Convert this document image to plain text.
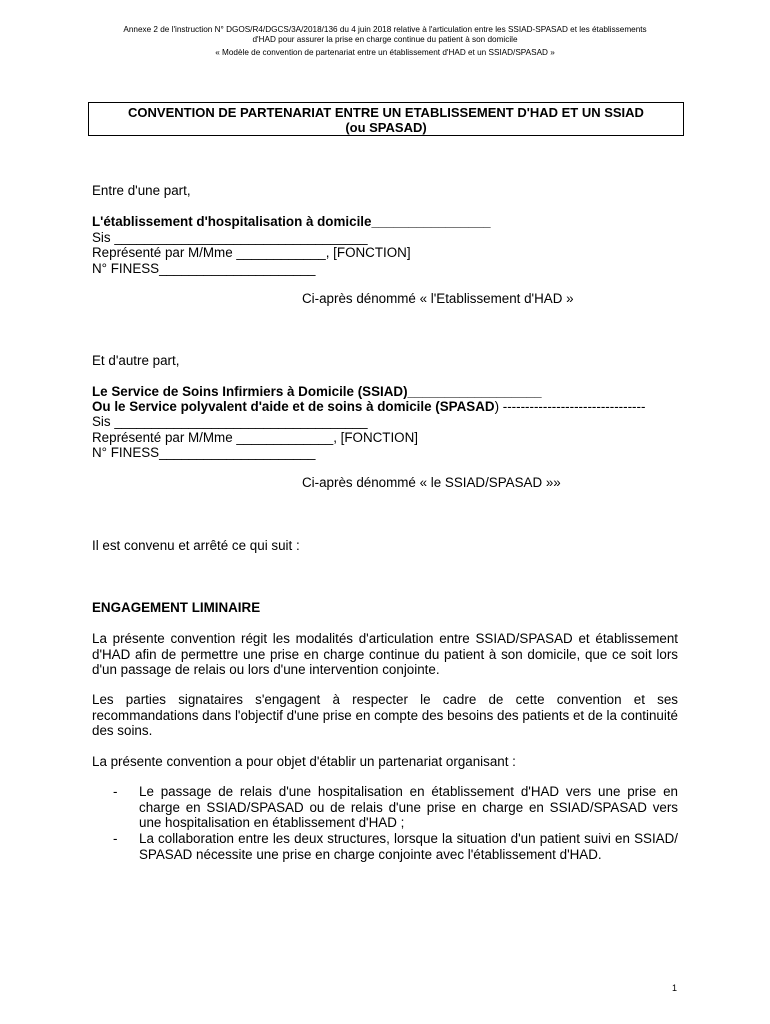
Annexe 2 de l'instruction N° DGOS/R4/DGCS/3A/2018/136 du 4 juin 2018 relative à l'articulation entre les SSIAD-SPASAD et les établissements
d'HAD pour assurer la prise en charge continue du patient à son domicile
« Modèle de convention de partenariat entre un établissement d'HAD et un SSIAD/SPASAD »
CONVENTION DE PARTENARIAT ENTRE UN ETABLISSEMENT D'HAD ET UN SSIAD
(ou SPASAD)
Entre d'une part,
L'établissement d'hospitalisation à domicile________________
Sis __________________________________
Représenté par M/Mme ____________, [FONCTION]
N° FINESS_____________________
Ci-après dénommé « l'Etablissement d'HAD »
Et d'autre part,
Le Service de Soins Infirmiers à Domicile (SSIAD)__________________
Ou le Service polyvalent d'aide et de soins à domicile (SPASAD) --------------------------------
Sis __________________________________
Représenté par M/Mme _____________, [FONCTION]
N° FINESS_____________________
Ci-après dénommé « le SSIAD/SPASAD »»
Il est convenu et arrêté ce qui suit :
ENGAGEMENT LIMINAIRE
La présente convention régit les modalités d'articulation entre SSIAD/SPASAD et établissement d'HAD afin de permettre une prise en charge continue du patient à son domicile, que ce soit lors d'un passage de relais ou lors d'une intervention conjointe.
Les parties signataires s'engagent à respecter le cadre de cette convention et ses recommandations dans l'objectif d'une prise en compte des besoins des patients et de la continuité des soins.
La présente convention a pour objet d'établir un partenariat organisant :
- Le passage de relais d'une hospitalisation en établissement d'HAD vers une prise en charge en SSIAD/SPASAD ou de relais d'une prise en charge en SSIAD/SPASAD vers une hospitalisation en établissement d'HAD ;
- La collaboration entre les deux structures, lorsque la situation d'un patient suivi en SSIAD/ SPASAD nécessite une prise en charge conjointe avec l'établissement d'HAD.
1
